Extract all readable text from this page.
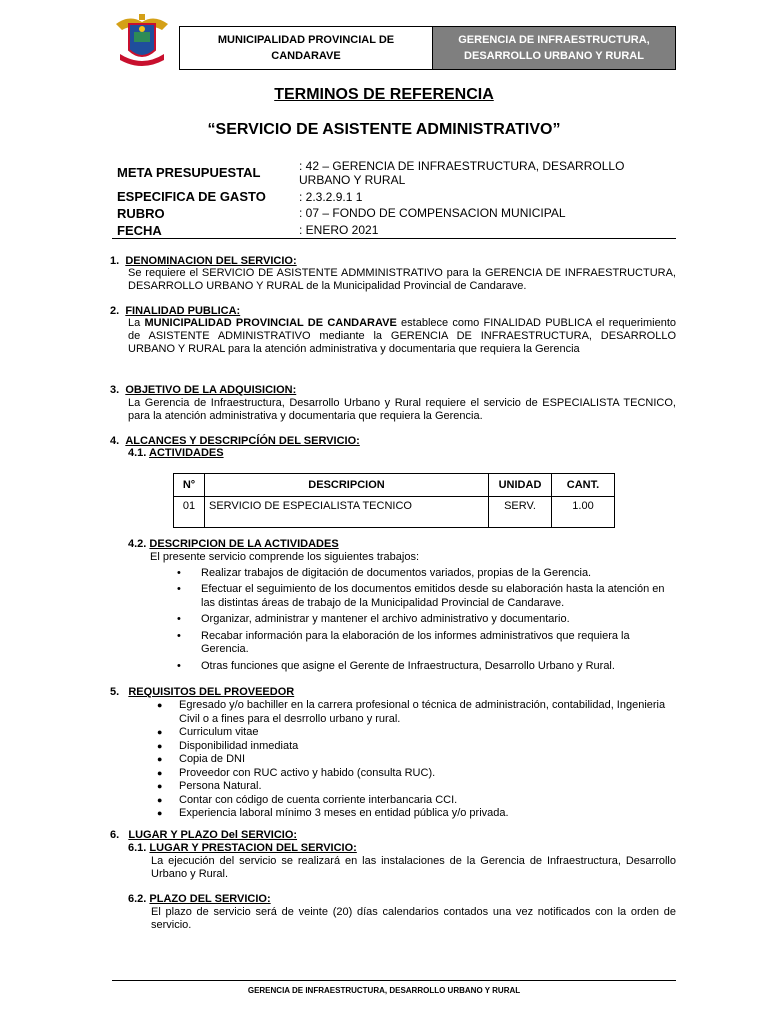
MUNICIPALIDAD PROVINCIAL DE
CANDARAVE
GERENCIA DE INFRAESTRUCTURA,
DESARROLLO URBANO Y RURAL
TERMINOS DE REFERENCIA
“SERVICIO DE ASISTENTE ADMINISTRATIVO”
META PRESUPUESTAL	: 42 – GERENCIA DE INFRAESTRUCTURA, DESARROLLO URBANO Y RURAL
ESPECIFICA DE GASTO	: 2.3.2.9.1 1
RUBRO	: 07 – FONDO DE COMPENSACION MUNICIPAL
FECHA	: ENERO 2021
1. DENOMINACION DEL SERVICIO:
Se requiere el SERVICIO DE ASISTENTE ADMMINISTRATIVO para la GERENCIA DE INFRAESTRUCTURA, DESARROLLO URBANO Y RURAL de la Municipalidad Provincial de Candarave.
2. FINALIDAD PUBLICA:
La MUNICIPALIDAD PROVINCIAL DE CANDARAVE establece como FINALIDAD PUBLICA el requerimiento de ASISTENTE ADMINISTRATIVO mediante la GERENCIA DE INFRAESTRUCTURA, DESARROLLO URBANO Y RURAL para la atención administrativa y documentaria que requiera la Gerencia
3. OBJETIVO DE LA ADQUISICION:
La Gerencia de Infraestructura, Desarrollo Urbano y Rural requiere el servicio de ESPECIALISTA TECNICO, para la atención administrativa y documentaria que requiera la Gerencia.
4. ALCANCES Y DESCRIPCÍÓN DEL SERVICIO:
4.1. ACTIVIDADES
N°	DESCRIPCION	UNIDAD	CANT.
01	SERVICIO DE ESPECIALISTA TECNICO	SERV.	1.00
4.2. DESCRIPCION DE LA ACTIVIDADES
El presente servicio comprende los siguientes trabajos:
• Realizar trabajos de digitación de documentos variados, propias de la Gerencia.
• Efectuar el seguimiento de los documentos emitidos desde su elaboración hasta la atención en las distintas áreas de trabajo de la Municipalidad Provincial de Candarave.
• Organizar, administrar y mantener el archivo administrativo y documentario.
• Recabar información para la elaboración de los informes administrativos que requiera la Gerencia.
• Otras funciones que asigne el Gerente de Infraestructura, Desarrollo Urbano y Rural.
5. REQUISITOS DEL PROVEEDOR
● Egresado y/o bachiller en la carrera profesional o técnica de administración, contabilidad, Ingenieria Civil o a fines para el desrrollo urbano y rural.
● Curriculum vitae
● Disponibilidad inmediata
● Copia de DNI
● Proveedor con RUC activo y habido (consulta RUC).
● Persona Natural.
● Contar con código de cuenta corriente interbancaria CCI.
● Experiencia laboral mínimo 3 meses en entidad pública y/o privada.
6. LUGAR Y PLAZO Del SERVICIO:
6.1. LUGAR Y PRESTACION DEL SERVICIO:
La ejecución del servicio se realizará en las instalaciones de la Gerencia de Infraestructura, Desarrollo Urbano y Rural.
6.2. PLAZO DEL SERVICIO:
El plazo de servicio será de veinte (20) días calendarios contados una vez notificados con la orden de servicio.
GERENCIA DE INFRAESTRUCTURA, DESARROLLO URBANO Y RURAL
